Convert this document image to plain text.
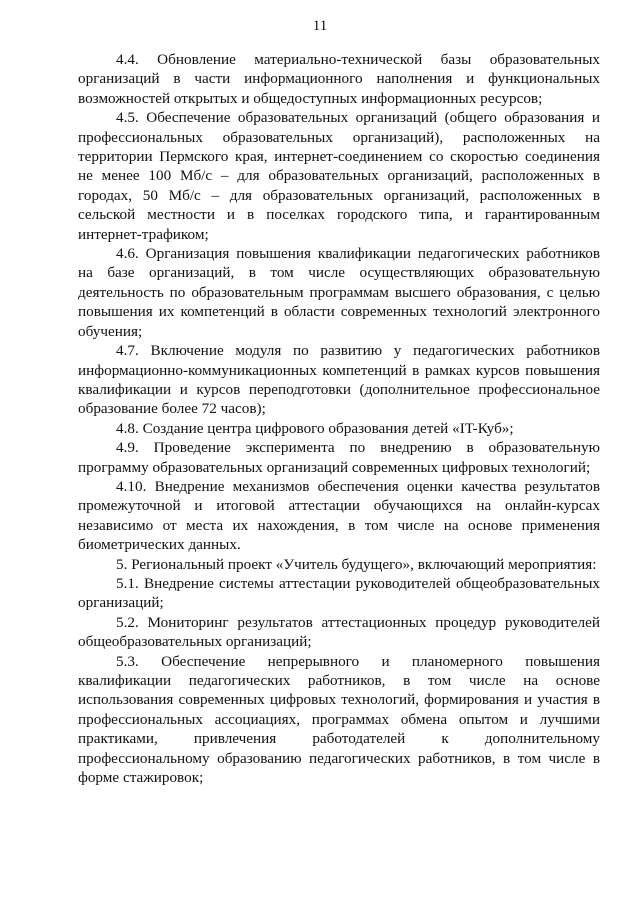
11

4.4. Обновление материально-технической базы образовательных организаций в части информационного наполнения и функциональных возможностей открытых и общедоступных информационных ресурсов;

4.5. Обеспечение образовательных организаций (общего образования и профессиональных образовательных организаций), расположенных на территории Пермского края, интернет-соединением со скоростью соединения не менее 100 Мб/с – для образовательных организаций, расположенных в городах, 50 Мб/с – для образовательных организаций, расположенных в сельской местности и в поселках городского типа, и гарантированным интернет-трафиком;

4.6. Организация повышения квалификации педагогических работников на базе организаций, в том числе осуществляющих образовательную деятельность по образовательным программам высшего образования, с целью повышения их компетенций в области современных технологий электронного обучения;

4.7. Включение модуля по развитию у педагогических работников информационно-коммуникационных компетенций в рамках курсов повышения квалификации и курсов переподготовки (дополнительное профессиональное образование более 72 часов);

4.8. Создание центра цифрового образования детей «IT-Куб»;

4.9. Проведение эксперимента по внедрению в образовательную программу образовательных организаций современных цифровых технологий;

4.10. Внедрение механизмов обеспечения оценки качества результатов промежуточной и итоговой аттестации обучающихся на онлайн-курсах независимо от места их нахождения, в том числе на основе применения биометрических данных.

5. Региональный проект «Учитель будущего», включающий мероприятия:

5.1. Внедрение системы аттестации руководителей общеобразовательных организаций;

5.2. Мониторинг результатов аттестационных процедур руководителей общеобразовательных организаций;

5.3. Обеспечение непрерывного и планомерного повышения квалификации педагогических работников, в том числе на основе использования современных цифровых технологий, формирования и участия в профессиональных ассоциациях, программах обмена опытом и лучшими практиками, привлечения работодателей к дополнительному профессиональному образованию педагогических работников, в том числе в форме стажировок;
